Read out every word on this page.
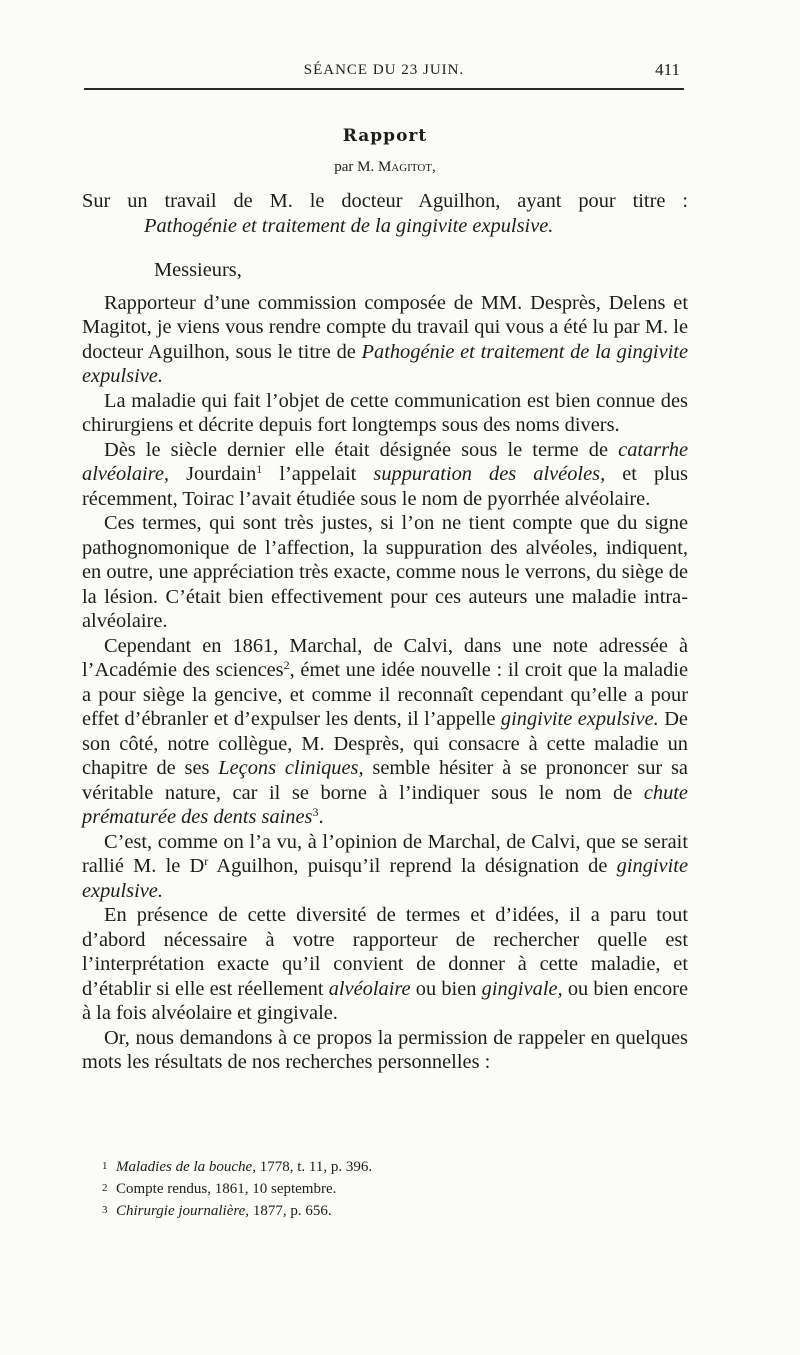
SÉANCE DU 23 JUIN.	411
Rapport
par M. Magitot,
Sur un travail de M. le docteur Aguilhon, ayant pour titre :
Pathogénie et traitement de la gingivite expulsive.
Messieurs,

Rapporteur d’une commission composée de MM. Desprès, Delens et Magitot, je viens vous rendre compte du travail qui vous a été lu par M. le docteur Aguilhon, sous le titre de Pathogénie et traitement de la gingivite expulsive.

La maladie qui fait l’objet de cette communication est bien connue des chirurgiens et décrite depuis fort longtemps sous des noms divers.

Dès le siècle dernier elle était désignée sous le terme de catarrhe alvéolaire, Jourdain$^1$ l’appelait suppuration des alvéoles, et plus récemment, Toirac l’avait étudiée sous le nom de pyorrhée alvéolaire.

Ces termes, qui sont très justes, si l’on ne tient compte que du signe pathognomonique de l’affection, la suppuration des alvéoles, indiquent, en outre, une appréciation très exacte, comme nous le verrons, du siège de la lésion. C’était bien effectivement pour ces auteurs une maladie intra-alvéolaire.

Cependant en 1861, Marchal, de Calvi, dans une note adressée à l’Académie des sciences$^2$, émet une idée nouvelle : il croit que la maladie a pour siège la gencive, et comme il reconnaît cependant qu’elle a pour effet d’ébranler et d’expulser les dents, il l’appelle gingivite expulsive. De son côté, notre collègue, M. Desprès, qui consacre à cette maladie un chapitre de ses Leçons cliniques, semble hésiter à se prononcer sur sa véritable nature, car il se borne à l’indiquer sous le nom de chute prématurée des dents saines$^3$.

C’est, comme on l’a vu, à l’opinion de Marchal, de Calvi, que se serait rallié M. le $D^r$ Aguilhon, puisqu’il reprend la désignation de gingivite expulsive.

En présence de cette diversité de termes et d’idées, il a paru tout d’abord nécessaire à votre rapporteur de rechercher quelle est l’interprétation exacte qu’il convient de donner à cette maladie, et d’établir si elle est réellement alvéolaire ou bien gingivale, ou bien encore à la fois alvéolaire et gingivale.

Or, nous demandons à ce propos la permission de rappeler en quelques mots les résultats de nos recherches personnelles :

1 Maladies de la bouche, 1778, t. 11, p. 396.

2 Compte rendus, 1861, 10 septembre.

3 Chirurgie journalière, 1877, p. 656.
